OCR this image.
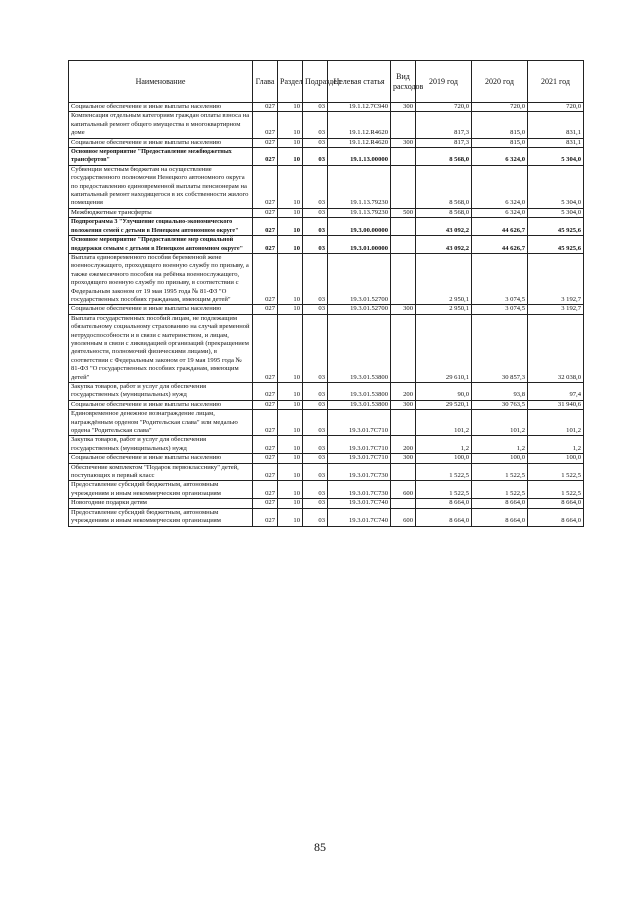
Наименование	Глава	Раздел	Подраздел	Целевая статья	Вид расходов	2019 год	2020 год	2021 год
Социальное обеспечение и иные выплаты населению	027	10	03	19.1.12.7С940	300	720,0	720,0	720,0
Компенсация отдельным категориям граждан оплаты взноса на капитальный ремонт общего имущества в многоквартирном доме	027	10	03	19.1.12.R4620		817,3	815,0	831,1
Социальное обеспечение и иные выплаты населению	027	10	03	19.1.12.R4620	300	817,3	815,0	831,1
Основное мероприятие "Предоставление межбюджетных трансфертов"	027	10	03	19.1.13.00000		8 568,0	6 324,0	5 304,0
Субвенции местным бюджетам на осуществление государственного полномочия Ненецкого автономного округа по предоставлению единовременной выплаты пенсионерам на капитальный ремонт находящегося в их собственности жилого помещения	027	10	03	19.1.13.79230		8 568,0	6 324,0	5 304,0
Межбюджетные трансферты	027	10	03	19.1.13.79230	500	8 568,0	6 324,0	5 304,0
Подпрограмма 3 "Улучшение социально-экономического положения семей с детьми в Ненецком автономном округе"	027	10	03	19.3.00.00000		43 092,2	44 626,7	45 925,6
Основное мероприятие "Предоставление мер социальной поддержки семьям с детьми в Ненецком автономном округе"	027	10	03	19.3.01.00000		43 092,2	44 626,7	45 925,6
Выплата единовременного пособия беременной жене военнослужащего, проходящего военную службу по призыву, а также ежемесячного пособия на ребёнка военнослужащего, проходящего военную службу по призыву, в соответствии с Федеральным законом от 19 мая 1995 года № 81-ФЗ "О государственных пособиях гражданам, имеющим детей"	027	10	03	19.3.01.52700		2 950,1	3 074,5	3 192,7
Социальное обеспечение и иные выплаты населению	027	10	03	19.3.01.52700	300	2 950,1	3 074,5	3 192,7
Выплата государственных пособий лицам, не подлежащим обязательному социальному страхованию на случай временной нетрудоспособности и в связи с материнством, и лицам, уволенным в связи с ликвидацией организаций (прекращением деятельности, полномочий физическими лицами), в соответствии с Федеральным законом от 19 мая 1995 года № 81-ФЗ "О государственных пособиях гражданам, имеющим детей"	027	10	03	19.3.01.53800		29 610,1	30 857,3	32 038,0
Закупка товаров, работ и услуг для обеспечения государственных (муниципальных) нужд	027	10	03	19.3.01.53800	200	90,0	93,8	97,4
Социальное обеспечение и иные выплаты населению	027	10	03	19.3.01.53800	300	29 520,1	30 763,5	31 940,6
Единовременное денежное вознаграждение лицам, награждённым орденом "Родительская слава" или медалью ордена "Родительская слава"	027	10	03	19.3.01.7С710		101,2	101,2	101,2
Закупка товаров, работ и услуг для обеспечения государственных (муниципальных) нужд	027	10	03	19.3.01.7С710	200	1,2	1,2	1,2
Социальное обеспечение и иные выплаты населению	027	10	03	19.3.01.7С710	300	100,0	100,0	100,0
Обеспечение комплектом "Подарок первокласснику" детей, поступающих в первый класс	027	10	03	19.3.01.7С730		1 522,5	1 522,5	1 522,5
Предоставление субсидий бюджетным, автономным учреждениям и иным некоммерческим организациям	027	10	03	19.3.01.7С730	600	1 522,5	1 522,5	1 522,5
Новогодние подарки детям	027	10	03	19.3.01.7С740		8 664,0	8 664,0	8 664,0
Предоставление субсидий бюджетным, автономным учреждениям и иным некоммерческим организациям	027	10	03	19.3.01.7С740	600	8 664,0	8 664,0	8 664,0
85
